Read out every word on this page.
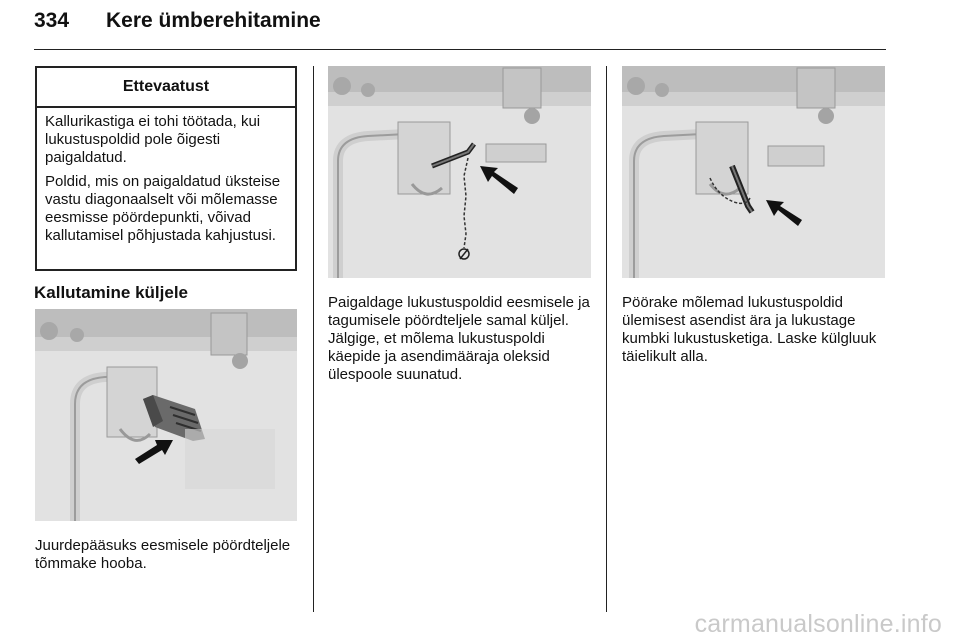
334 Kere ümberehitamine
Ettevaatust

Kallurikastiga ei tohi töötada, kui lukustuspoldid pole õigesti paigaldatud.

Poldid, mis on paigaldatud üksteise vastu diagonaalselt või mõlemasse eesmisse pöördepunkti, võivad kallutamisel põhjustada kahjustusi.

Kallutamine küljele
Juurdepääsuks eesmisele pöördteljele tõmmake hooba.
Paigaldage lukustuspoldid eesmisele ja tagumisele pöördteljele samal küljel. Jälgige, et mõlema lukustuspoldi käepide ja asendimääraja oleksid ülespoole suunatud.
Pöörake mõlemad lukustuspoldid ülemisest asendist ära ja lukustage kumbki lukustusketiga. Laske külgluuk täielikult alla.
carmanualsonline.info
